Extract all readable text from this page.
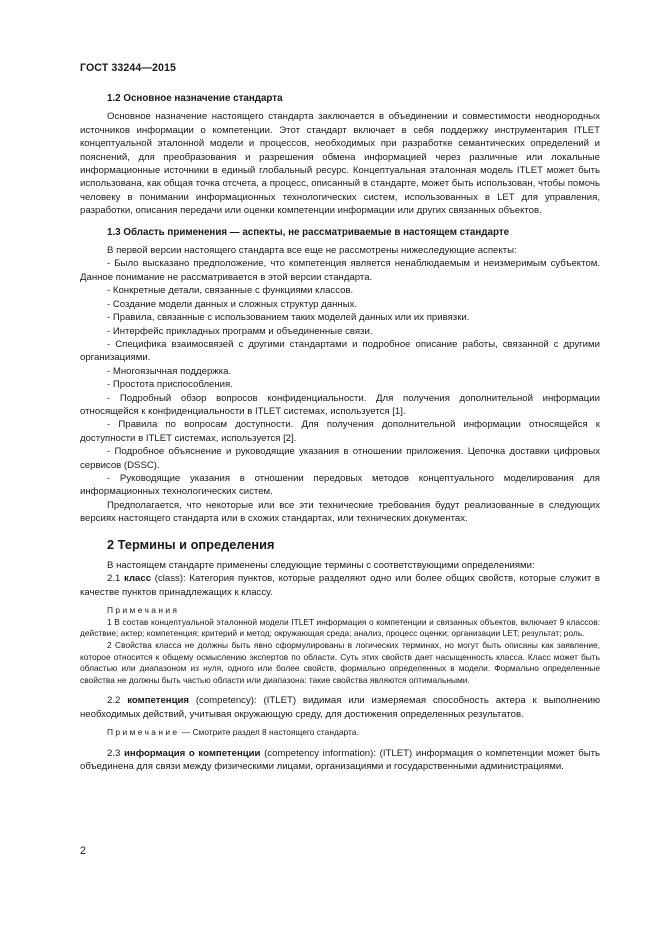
ГОСТ 33244—2015

1.2 Основное назначение стандарта

Основное назначение настоящего стандарта заключается в объединении и совместимости неоднородных источников информации о компетенции. Этот стандарт включает в себя поддержку инструментария ITLET концептуальной эталонной модели и процессов, необходимых при разработке семантических определений и пояснений, для преобразования и разрешения обмена информацией через различные или локальные информационные источники в единый глобальный ресурс. Концептуальная эталонная модель ITLET может быть использована, как общая точка отсчета, а процесс, описанный в стандарте, может быть использован, чтобы помочь человеку в понимании информационных технологических систем, использованных в LET для управления, разработки, описания передачи или оценки компетенции информации или других связанных объектов.

1.3 Область применения — аспекты, не рассматриваемые в настоящем стандарте

В первой версии настоящего стандарта все еще не рассмотрены нижеследующие аспекты:

- Было высказано предположение, что компетенция является ненаблюдаемым и неизмеримым субъектом. Данное понимание не рассматривается в этой версии стандарта.

- Конкретные детали, связанные с функциями классов.

- Создание модели данных и сложных структур данных.

- Правила, связанные с использованием таких моделей данных или их привязки.

- Интерфейс прикладных программ и объединенные связи.

- Специфика взаимосвязей с другими стандартами и подробное описание работы, связанной с другими организациями.

- Многоязычная поддержка.

- Простота приспособления.

- Подробный обзор вопросов конфиденциальности. Для получения дополнительной информации относящейся к конфиденциальности в ITLET системах, используется [1].

- Правила по вопросам доступности. Для получения дополнительной информации относящейся к доступности в ITLET системах, используется [2].

- Подробное объяснение и руководящие указания в отношении приложения. Цепочка доставки цифровых сервисов (DSSC).

- Руководящие указания в отношении передовых методов концептуального моделирования для информационных технологических систем.

Предполагается, что некоторые или все эти технические требования будут реализованные в следующих версиях настоящего стандарта или в схожих стандартах, или технических документах.

2 Термины и определения

В настоящем стандарте применены следующие термины с соответствующими определениями:

2.1 класс (class): Категория пунктов, которые разделяют одно или более общих свойств, которые служит в качестве пунктов принадлежащих к классу.

Примечания

1 В состав концептуальной эталонной модели ITLET информация о компетенции и связанных объектов, включает 9 классов: действие; актер; компетенция; критерий и метод; окружающая среда; анализ, процесс оценки; организации LET; результат; роль.

2 Свойства класса не должны быть явно сформулированы в логических терминах, но могут быть описаны как заявление, которое относится к общему осмыслению экспертов по области. Суть этих свойств дает насыщенность класса. Класс может быть областью или диапазоном из нуля, одного или более свойств, формально определенных в модели. Формально определенные свойства не должны быть частью области или диапазона: такие свойства являются оптимальными.

2.2 компетенция (competency): (ITLET) видимая или измеряемая способность актера к выполнению необходимых действий, учитывая окружающую среду, для достижения определенных результатов.

Примечание — Смотрите раздел 8 настоящего стандарта.

2.3 информация о компетенции (competency information): (ITLET) информация о компетенции может быть объединена для связи между физическими лицами, организациями и государственными администрациями.

2
